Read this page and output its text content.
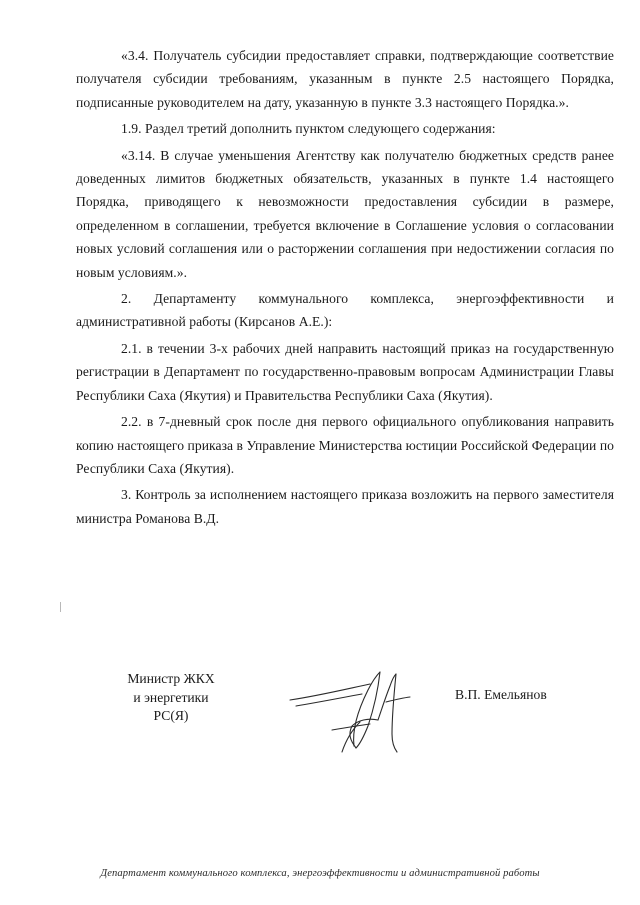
«3.4. Получатель субсидии предоставляет справки, подтверждающие соответствие получателя субсидии требованиям, указанным в пункте 2.5 настоящего Порядка, подписанные руководителем на дату, указанную в пункте 3.3 настоящего Порядка.».

1.9. Раздел третий дополнить пунктом следующего содержания:

«3.14. В случае уменьшения Агентству как получателю бюджетных средств ранее доведенных лимитов бюджетных обязательств, указанных в пункте 1.4 настоящего Порядка, приводящего к невозможности предоставления субсидии в размере, определенном в соглашении, требуется включение в Соглашение условия о согласовании новых условий соглашения или о расторжении соглашения при недостижении согласия по новым условиям.».

2. Департаменту коммунального комплекса, энергоэффективности и административной работы (Кирсанов А.Е.):

2.1. в течении 3-х рабочих дней направить настоящий приказ на государственную регистрации в Департамент по государственно-правовым вопросам Администрации Главы Республики Саха (Якутия) и Правительства Республики Саха (Якутия).

2.2. в 7-дневный срок после дня первого официального опубликования направить копию настоящего приказа в Управление Министерства юстиции Российской Федерации по Республики Саха (Якутия).

3. Контроль за исполнением настоящего приказа возложить на первого заместителя министра Романова В.Д.

Министр ЖКХ
и энергетики
РС(Я)
В.П. Емельянов
Департамент коммунального комплекса, энергоэффективности и административной работы
